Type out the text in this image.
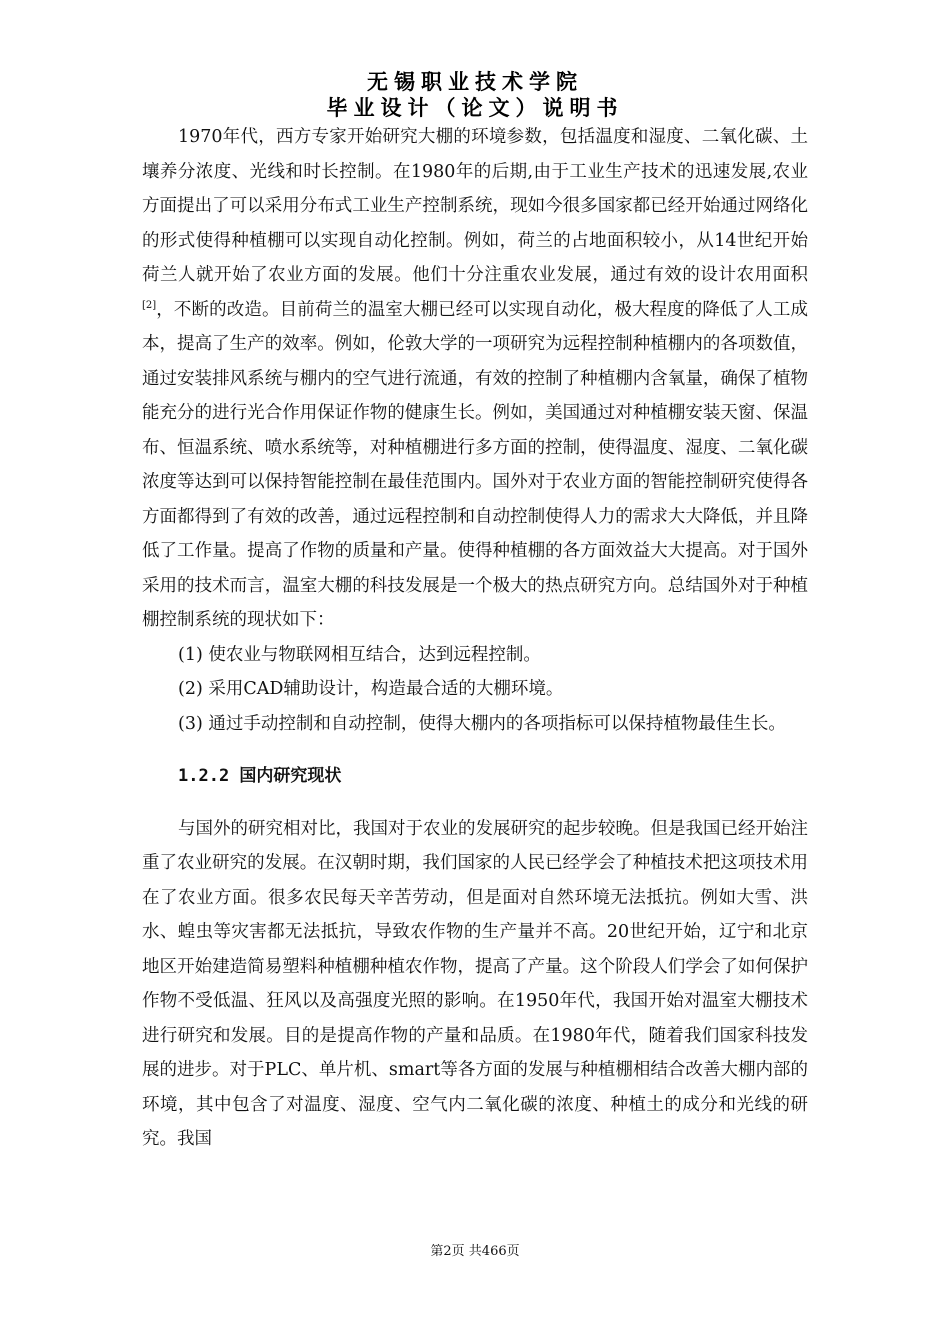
无锡职业技术学院
毕业设计（论文）说明书

1970年代，西方专家开始研究大棚的环境参数，包括温度和湿度、二氧化碳、土壤养分浓度、光线和时长控制。在1980年的后期,由于工业生产技术的迅速发展,农业方面提出了可以采用分布式工业生产控制系统，现如今很多国家都已经开始通过网络化的形式使得种植棚可以实现自动化控制。例如，荷兰的占地面积较小，从14世纪开始荷兰人就开始了农业方面的发展。他们十分注重农业发展，通过有效的设计农用面积[2]，不断的改造。目前荷兰的温室大棚已经可以实现自动化，极大程度的降低了人工成本，提高了生产的效率。例如，伦敦大学的一项研究为远程控制种植棚内的各项数值，通过安装排风系统与棚内的空气进行流通，有效的控制了种植棚内含氧量，确保了植物能充分的进行光合作用保证作物的健康生长。例如，美国通过对种植棚安装天窗、保温布、恒温系统、喷水系统等，对种植棚进行多方面的控制，使得温度、湿度、二氧化碳浓度等达到可以保持智能控制在最佳范围内。国外对于农业方面的智能控制研究使得各方面都得到了有效的改善，通过远程控制和自动控制使得人力的需求大大降低，并且降低了工作量。提高了作物的质量和产量。使得种植棚的各方面效益大大提高。对于国外采用的技术而言，温室大棚的科技发展是一个极大的热点研究方向。总结国外对于种植棚控制系统的现状如下：

(1) 使农业与物联网相互结合，达到远程控制。

(2) 采用CAD辅助设计，构造最合适的大棚环境。

(3) 通过手动控制和自动控制，使得大棚内的各项指标可以保持植物最佳生长。

1.2.2 国内研究现状

与国外的研究相对比，我国对于农业的发展研究的起步较晚。但是我国已经开始注重了农业研究的发展。在汉朝时期，我们国家的人民已经学会了种植技术把这项技术用在了农业方面。很多农民每天辛苦劳动，但是面对自然环境无法抵抗。例如大雪、洪水、蝗虫等灾害都无法抵抗，导致农作物的生产量并不高。20世纪开始，辽宁和北京地区开始建造简易塑料种植棚种植农作物，提高了产量。这个阶段人们学会了如何保护作物不受低温、狂风以及高强度光照的影响。在1950年代，我国开始对温室大棚技术进行研究和发展。目的是提高作物的产量和品质。在1980年代，随着我们国家科技发展的进步。对于PLC、单片机、smart等各方面的发展与种植棚相结合改善大棚内部的环境，其中包含了对温度、湿度、空气内二氧化碳的浓度、种植土的成分和光线的研究。我国

第2页 共466页
